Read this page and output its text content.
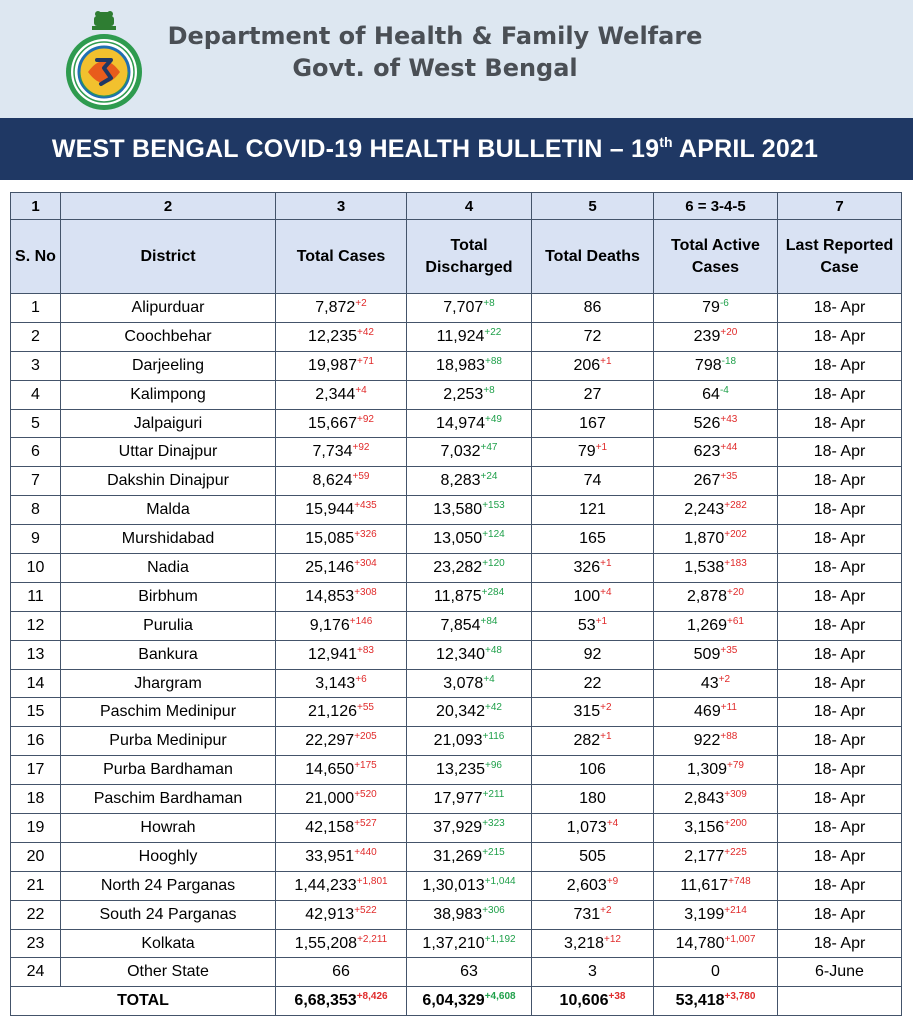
Department of Health & Family Welfare
Govt. of West Bengal
WEST BENGAL COVID-19 HEALTH BULLETIN – 19th APRIL 2021
1	2	3	4	5	6 = 3-4-5	7
S. No	District	Total Cases	Total Discharged	Total Deaths	Total Active Cases	Last Reported Case
1	Alipurduar	$7,872^{+2}$	$7,707^{+8}$	86	$79^{-6}$	18- Apr
2	Coochbehar	$12,235^{+42}$	$11,924^{+22}$	72	$239^{+20}$	18- Apr
3	Darjeeling	$19,987^{+71}$	$18,983^{+88}$	$206^{+1}$	$798^{-18}$	18- Apr
4	Kalimpong	$2,344^{+4}$	$2,253^{+8}$	27	$64^{-4}$	18- Apr
5	Jalpaiguri	$15,667^{+92}$	$14,974^{+49}$	167	$526^{+43}$	18- Apr
6	Uttar Dinajpur	$7,734^{+92}$	$7,032^{+47}$	$79^{+1}$	$623^{+44}$	18- Apr
7	Dakshin Dinajpur	$8,624^{+59}$	$8,283^{+24}$	74	$267^{+35}$	18- Apr
8	Malda	$15,944^{+435}$	$13,580^{+153}$	121	$2,243^{+282}$	18- Apr
9	Murshidabad	$15,085^{+326}$	$13,050^{+124}$	165	$1,870^{+202}$	18- Apr
10	Nadia	$25,146^{+304}$	$23,282^{+120}$	$326^{+1}$	$1,538^{+183}$	18- Apr
11	Birbhum	$14,853^{+308}$	$11,875^{+284}$	$100^{+4}$	$2,878^{+20}$	18- Apr
12	Purulia	$9,176^{+146}$	$7,854^{+84}$	$53^{+1}$	$1,269^{+61}$	18- Apr
13	Bankura	$12,941^{+83}$	$12,340^{+48}$	92	$509^{+35}$	18- Apr
14	Jhargram	$3,143^{+6}$	$3,078^{+4}$	22	$43^{+2}$	18- Apr
15	Paschim Medinipur	$21,126^{+55}$	$20,342^{+42}$	$315^{+2}$	$469^{+11}$	18- Apr
16	Purba Medinipur	$22,297^{+205}$	$21,093^{+116}$	$282^{+1}$	$922^{+88}$	18- Apr
17	Purba Bardhaman	$14,650^{+175}$	$13,235^{+96}$	106	$1,309^{+79}$	18- Apr
18	Paschim Bardhaman	$21,000^{+520}$	$17,977^{+211}$	180	$2,843^{+309}$	18- Apr
19	Howrah	$42,158^{+527}$	$37,929^{+323}$	$1,073^{+4}$	$3,156^{+200}$	18- Apr
20	Hooghly	$33,951^{+440}$	$31,269^{+215}$	505	$2,177^{+225}$	18- Apr
21	North 24 Parganas	$1,44,233^{+1,801}$	$1,30,013^{+1,044}$	$2,603^{+9}$	$11,617^{+748}$	18- Apr
22	South 24 Parganas	$42,913^{+522}$	$38,983^{+306}$	$731^{+2}$	$3,199^{+214}$	18- Apr
23	Kolkata	$1,55,208^{+2,211}$	$1,37,210^{+1,192}$	$3,218^{+12}$	$14,780^{+1,007}$	18- Apr
24	Other State	66	63	3	0	6-June
TOTAL		$6,68,353^{+8,426}$	$6,04,329^{+4,608}$	$10,606^{+38}$	$53,418^{+3,780}$	
